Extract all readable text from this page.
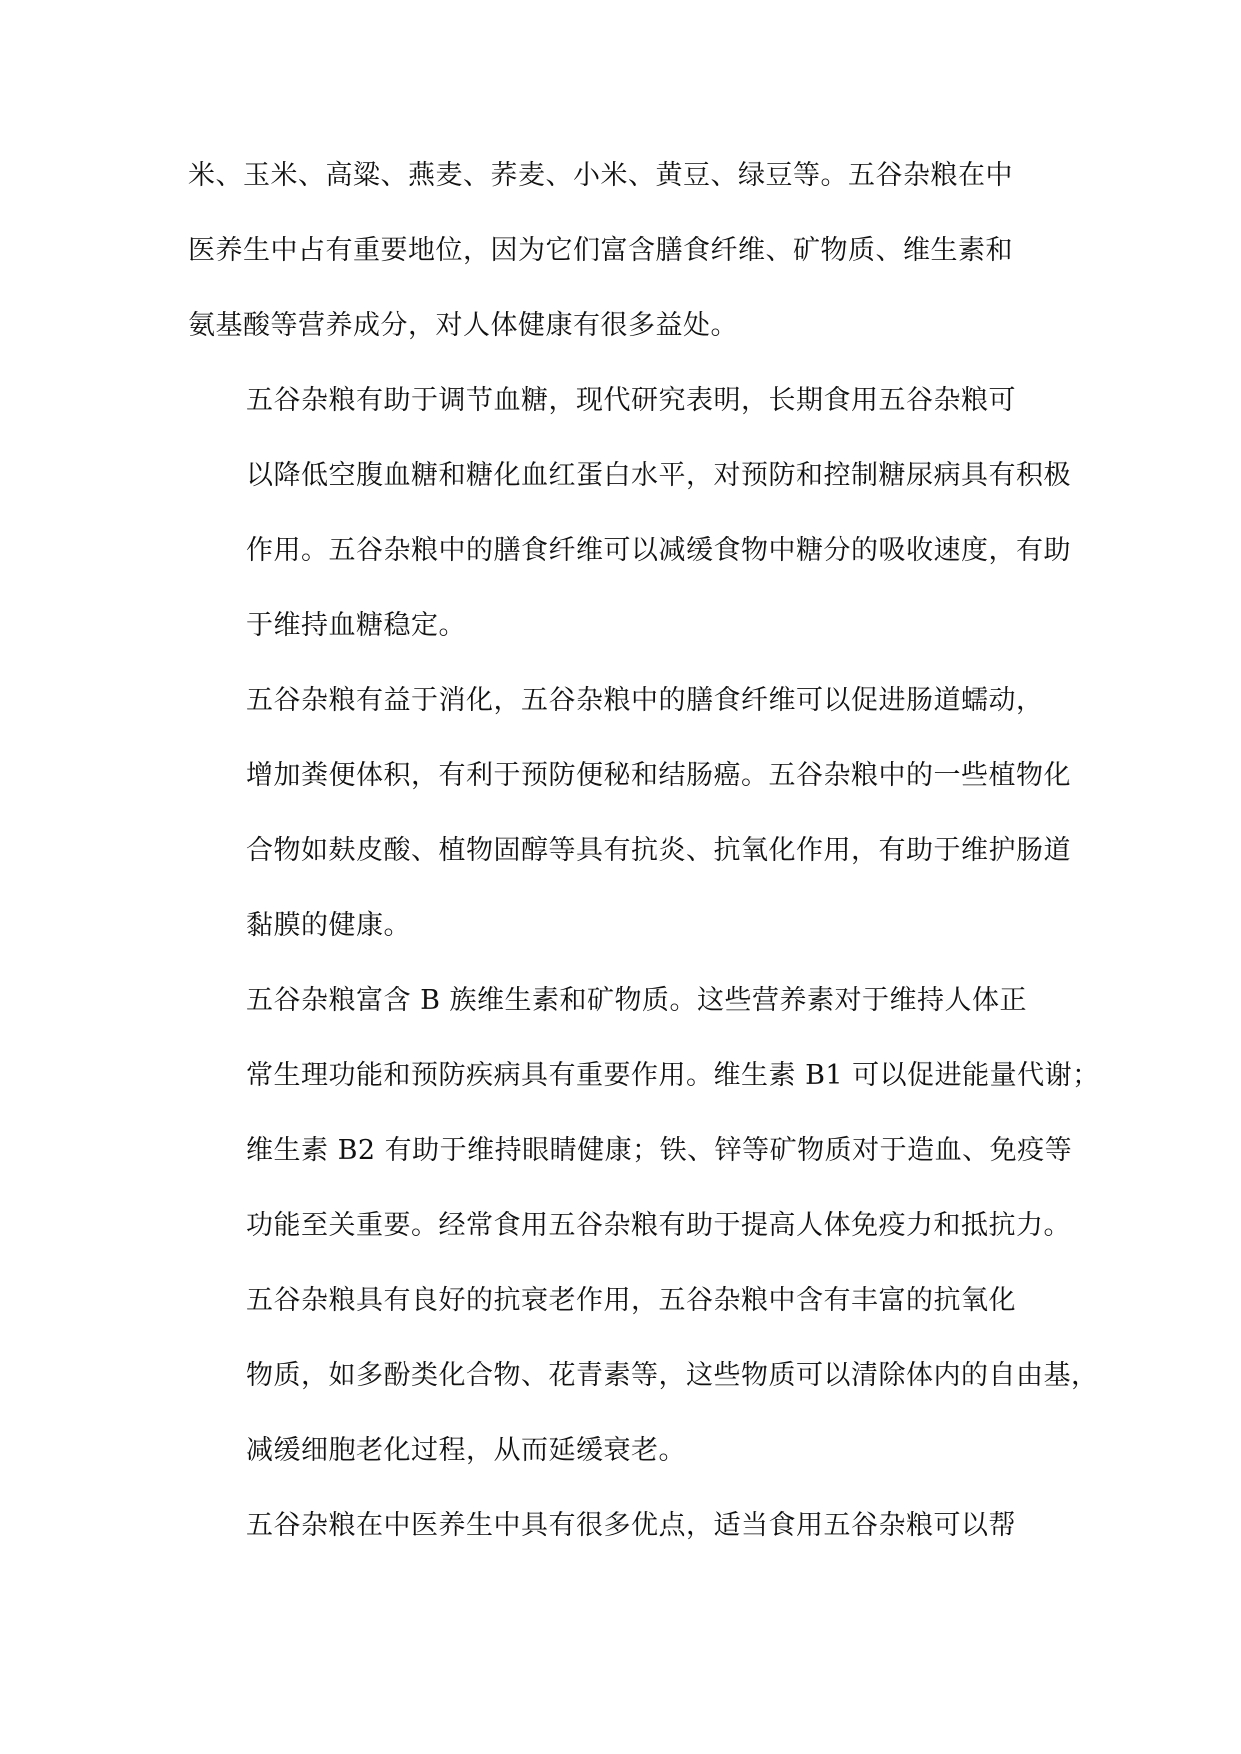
米、玉米、高粱、燕麦、荞麦、小米、黄豆、绿豆等。五谷杂粮在中
医养生中占有重要地位，因为它们富含膳食纤维、矿物质、维生素和
氨基酸等营养成分，对人体健康有很多益处。

五谷杂粮有助于调节血糖，现代研究表明，长期食用五谷杂粮可
以降低空腹血糖和糖化血红蛋白水平，对预防和控制糖尿病具有积极
作用。五谷杂粮中的膳食纤维可以减缓食物中糖分的吸收速度，有助
于维持血糖稳定。

五谷杂粮有益于消化，五谷杂粮中的膳食纤维可以促进肠道蠕动，
增加粪便体积，有利于预防便秘和结肠癌。五谷杂粮中的一些植物化
合物如麸皮酸、植物固醇等具有抗炎、抗氧化作用，有助于维护肠道
黏膜的健康。

五谷杂粮富含 B 族维生素和矿物质。这些营养素对于维持人体正
常生理功能和预防疾病具有重要作用。维生素 B1 可以促进能量代谢；
维生素 B2 有助于维持眼睛健康；铁、锌等矿物质对于造血、免疫等
功能至关重要。经常食用五谷杂粮有助于提高人体免疫力和抵抗力。

五谷杂粮具有良好的抗衰老作用，五谷杂粮中含有丰富的抗氧化
物质，如多酚类化合物、花青素等，这些物质可以清除体内的自由基，
减缓细胞老化过程，从而延缓衰老。

五谷杂粮在中医养生中具有很多优点，适当食用五谷杂粮可以帮
